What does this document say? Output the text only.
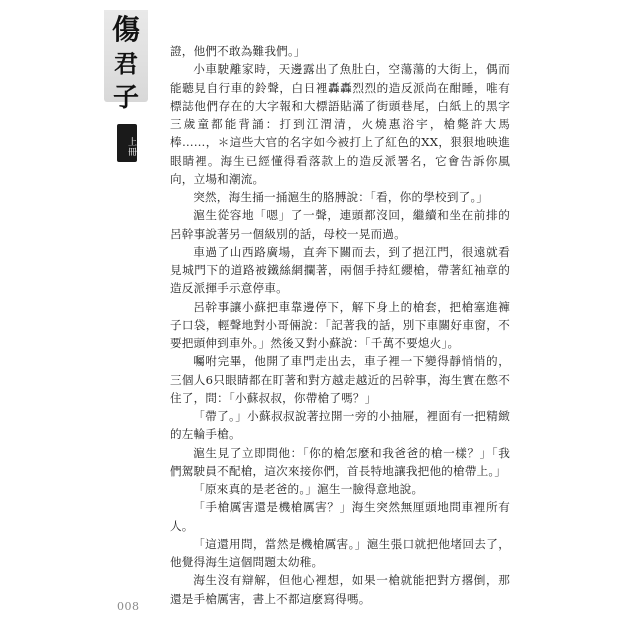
傷
君
子
上冊

證，他們不敢為難我們。」

小車駛離家時，天邊露出了魚肚白，空蕩蕩的大街上，偶而能聽見自行車的鈴聲，白日裡轟轟烈烈的造反派尚在酣睡，唯有標誌他們存在的大字報和大標語貼滿了街頭巷尾，白紙上的黑字三歲童都能背誦：打到江渭清，火燒惠浴宇，槍斃許大馬棒……，＊這些大官的名字如今被打上了紅色的XX，狠狠地映進眼睛裡。海生已經懂得看落款上的造反派署名，它會告訴你風向，立場和潮流。

突然，海生捅一捅滬生的胳膊說：「看，你的學校到了。」

滬生從容地「嗯」了一聲，連頭都沒回，繼續和坐在前排的呂幹事說著另一個級別的話，母校一晃而過。

車過了山西路廣場，直奔下關而去，到了挹江門，很遠就看見城門下的道路被鐵絲網攔著，兩個手持紅纓槍，帶著紅袖章的造反派揮手示意停車。

呂幹事讓小蘇把車靠邊停下，解下身上的槍套，把槍塞進褲子口袋，輕聲地對小哥倆說：「記著我的話，別下車關好車窗，不要把頭伸到車外。」然後又對小蘇說：「千萬不要熄火」。

囑咐完畢，他開了車門走出去，車子裡一下變得靜悄悄的，三個人6只眼睛都在盯著和對方越走越近的呂幹事，海生實在憋不住了，問：「小蘇叔叔，你帶槍了嗎？」

「帶了。」小蘇叔叔說著拉開一旁的小抽屜，裡面有一把精緻的左輪手槍。

滬生見了立即問他：「你的槍怎麼和我爸爸的槍一樣？」「我們駕駛員不配槍，這次來接你們，首長特地讓我把他的槍帶上。」

「原來真的是老爸的。」滬生一臉得意地說。

「手槍厲害還是機槍厲害？」海生突然無厘頭地問車裡所有人。

「這還用問，當然是機槍厲害。」滬生張口就把他堵回去了，他覺得海生這個問題太幼稚。

海生沒有辯解，但他心裡想，如果一槍就能把對方撂倒，那還是手槍厲害，書上不都這麼寫得嗎。

008
